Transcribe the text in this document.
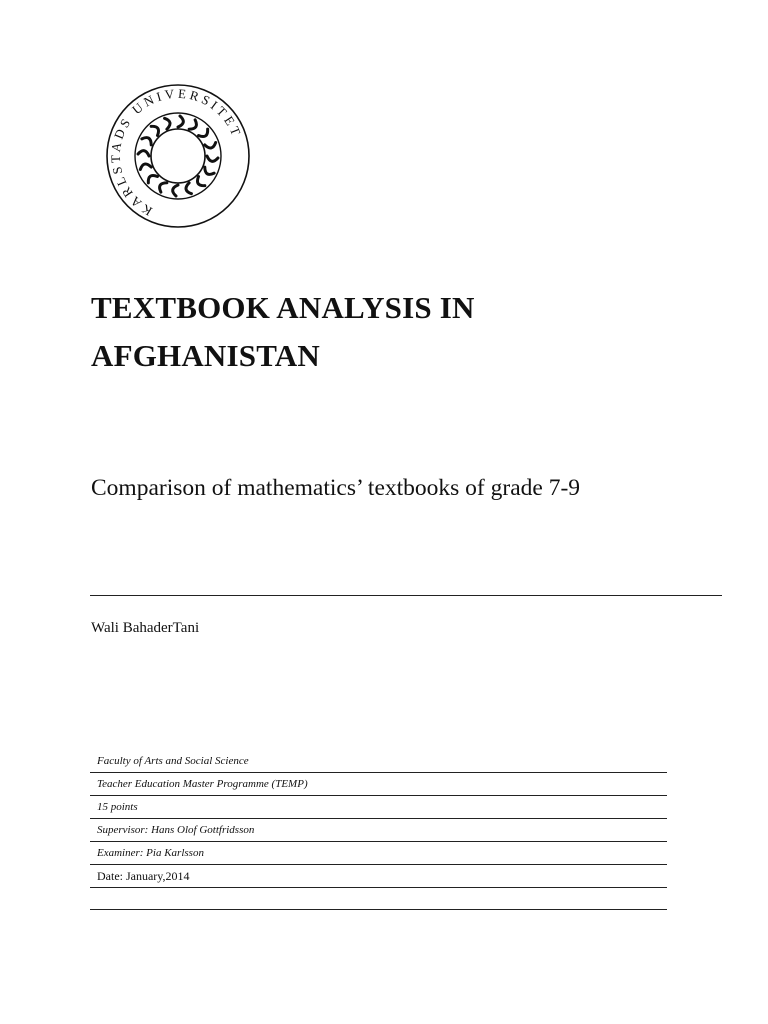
KARLSTADS UNIVERSITET
TEXTBOOK ANALYSIS IN
AFGHANISTAN
Comparison of mathematics’ textbooks of grade 7-9
Wali BahaderTani
Faculty of Arts and Social Science
Teacher Education Master Programme (TEMP)
15 points
Supervisor: Hans Olof Gottfridsson
Examiner: Pia Karlsson
Date: January,2014
